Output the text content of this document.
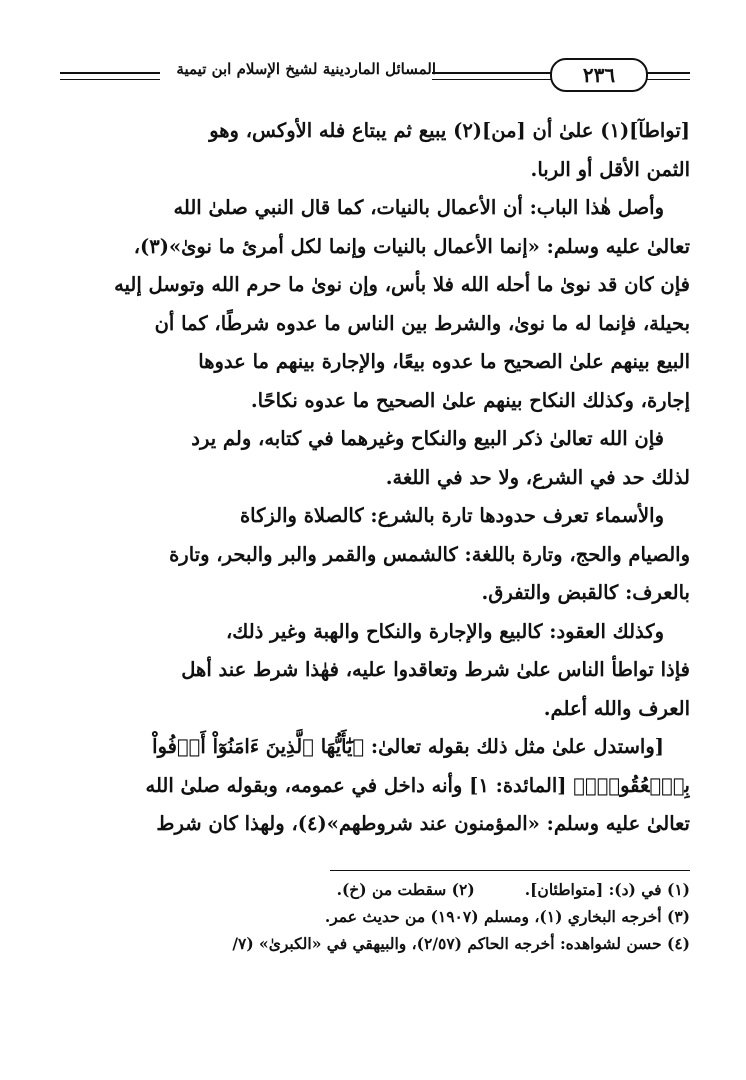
المسائل الماردينية لشيخ الإسلام ابن تيمية	٢٣٦
[تواطآ](١) علىٰ أن [من](٢) يبيع ثم يبتاع فله الأوكس، وهو
الثمن الأقل أو الربا.
وأصل هٰذا الباب: أن الأعمال بالنيات، كما قال النبي صلىٰ الله
تعالىٰ عليه وسلم: «إنما الأعمال بالنيات وإنما لكل أمرئ ما نوىٰ»(٣)،
فإن كان قد نوىٰ ما أحله الله فلا بأس، وإن نوىٰ ما حرم الله وتوسل إليه
بحيلة، فإنما له ما نوىٰ، والشرط بين الناس ما عدوه شرطًا، كما أن
البيع بينهم علىٰ الصحيح ما عدوه بيعًا، والإجارة بينهم ما عدوها
إجارة، وكذلك النكاح بينهم علىٰ الصحيح ما عدوه نكاحًا.
فإن الله تعالىٰ ذكر البيع والنكاح وغيرهما في كتابه، ولم يرد
لذلك حد في الشرع، ولا حد في اللغة.
والأسماء تعرف حدودها تارة بالشرع: كالصلاة والزكاة
والصيام والحج، وتارة باللغة: كالشمس والقمر والبر والبحر، وتارة
بالعرف: كالقبض والتفرق.
وكذلك العقود: كالبيع والإجارة والنكاح والهبة وغير ذلك،
فإذا تواطأ الناس علىٰ شرط وتعاقدوا عليه، فهٰذا شرط عند أهل
العرف والله أعلم.
[واستدل علىٰ مثل ذلك بقوله تعالىٰ: ﴿يَٰٓأَيُّهَا ٱلَّذِينَ ءَامَنُوٓاْ أَوۡفُواْ
بِٱلۡعُقُودِۚ﴾ [المائدة: ١] وأنه داخل في عمومه، وبقوله صلىٰ الله
تعالىٰ عليه وسلم: «المؤمنون عند شروطهم»(٤)، ولهذا كان شرط
(١) في (د): [متواطئان].(٢) سقطت من (خ).
(٣) أخرجه البخاري (١)، ومسلم (١٩٠٧) من حديث عمر.
(٤) حسن لشواهده: أخرجه الحاكم (٢/٥٧)، والبيهقي في «الكبرىٰ» (٧/
